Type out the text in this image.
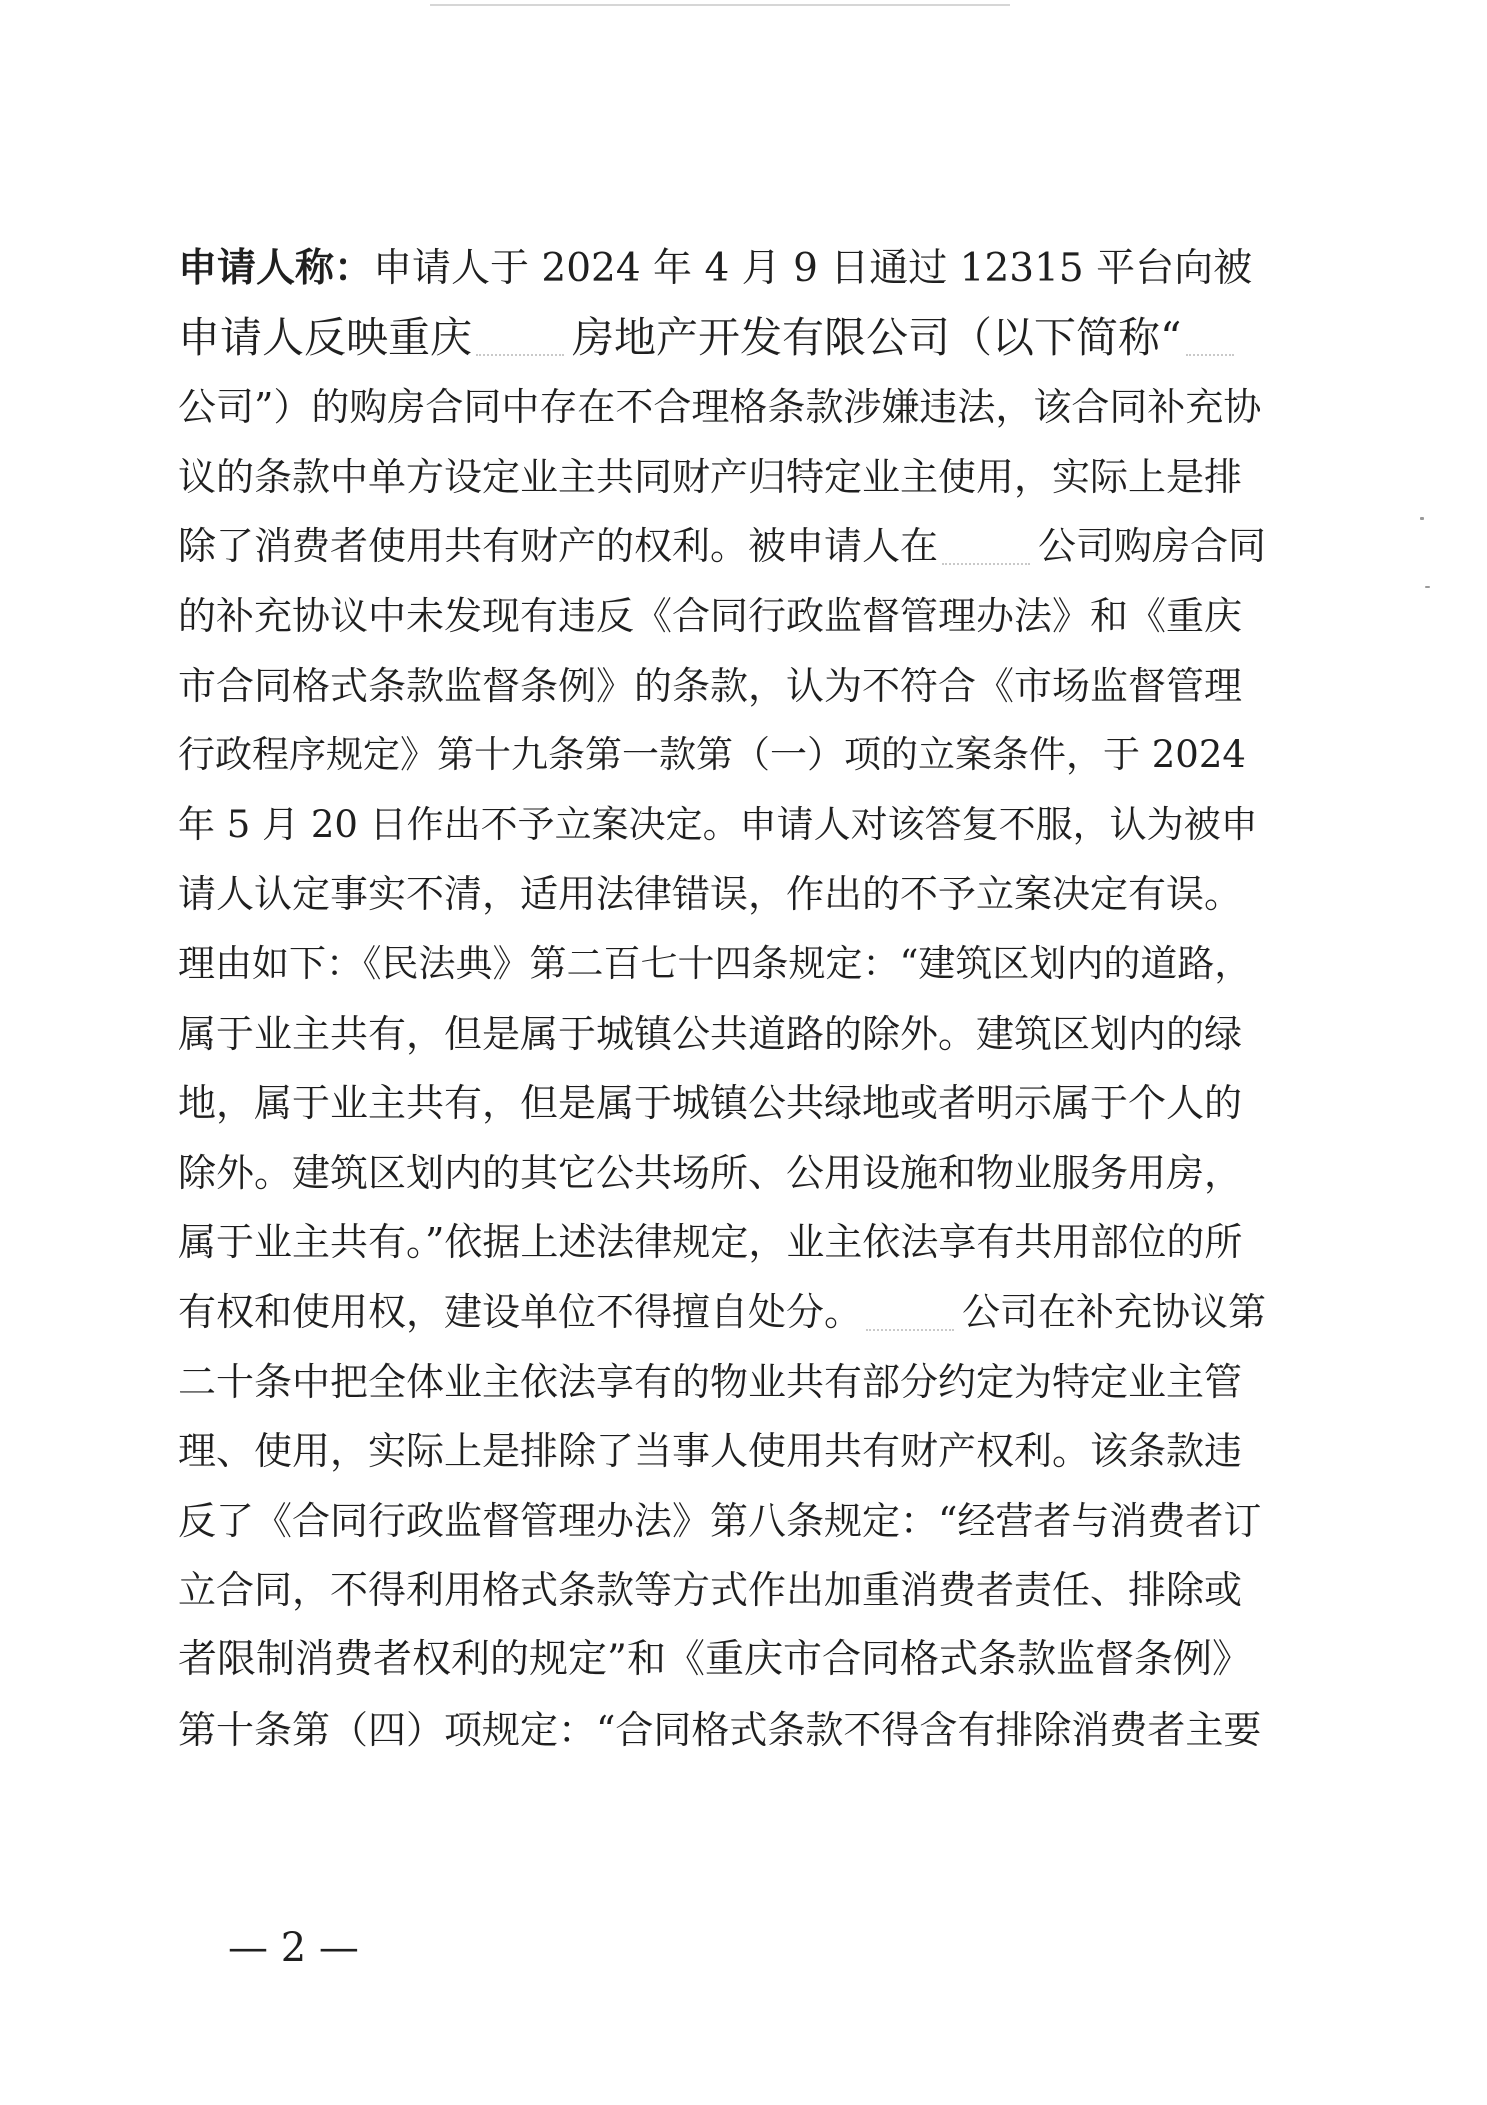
申请人称：申请人于 2024 年 4 月 9 日通过 12315 平台向被
申请人反映重庆 房地产开发有限公司（以下简称“
公司”）的购房合同中存在不合理格条款涉嫌违法，该合同补充协
议的条款中单方设定业主共同财产归特定业主使用，实际上是排
除了消费者使用共有财产的权利。被申请人在	公司购房合同
的补充协议中未发现有违反《合同行政监督管理办法》和《重庆
市合同格式条款监督条例》的条款，认为不符合《市场监督管理
行政程序规定》第十九条第一款第（一）项的立案条件，于 2024
年 5 月 20 日作出不予立案决定。申请人对该答复不服，认为被申
请人认定事实不清，适用法律错误，作出的不予立案决定有误。
理由如下：《民法典》第二百七十四条规定：“建筑区划内的道路，
属于业主共有，但是属于城镇公共道路的除外。建筑区划内的绿
地，属于业主共有，但是属于城镇公共绿地或者明示属于个人的
除外。建筑区划内的其它公共场所、公用设施和物业服务用房，
属于业主共有。”依据上述法律规定，业主依法享有共用部位的所
有权和使用权，建设单位不得擅自处分。	公司在补充协议第
二十条中把全体业主依法享有的物业共有部分约定为特定业主管
理、使用，实际上是排除了当事人使用共有财产权利。该条款违
反了《合同行政监督管理办法》第八条规定：“经营者与消费者订
立合同，不得利用格式条款等方式作出加重消费者责任、排除或
者限制消费者权利的规定”和《重庆市合同格式条款监督条例》
第十条第（四）项规定：“合同格式条款不得含有排除消费者主要
— 2 —
